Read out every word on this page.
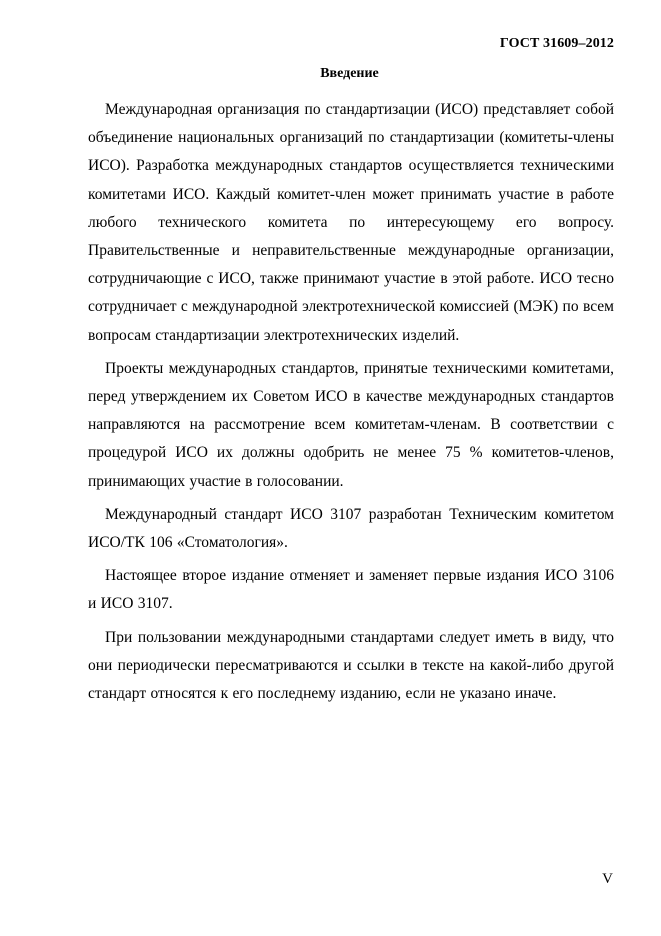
ГОСТ 31609–2012
Введение

Международная организация по стандартизации (ИСО) представляет собой объединение национальных организаций по стандартизации (комитеты-члены ИСО). Разработка международных стандартов осуществляется техническими комитетами ИСО. Каждый комитет-член может принимать участие в работе любого технического комитета по интересующему его вопросу. Правительственные и неправительственные международные организации, сотрудничающие с ИСО, также принимают участие в этой работе. ИСО тесно сотрудничает с международной электротехнической комиссией (МЭК) по всем вопросам стандартизации электротехнических изделий.

Проекты международных стандартов, принятые техническими комитетами, перед утверждением их Советом ИСО в качестве международных стандартов направляются на рассмотрение всем комитетам-членам. В соответствии с процедурой ИСО их должны одобрить не менее 75 % комитетов-членов, принимающих участие в голосовании.

Международный стандарт ИСО 3107 разработан Техническим комитетом ИСО/ТК 106 «Стоматология».

Настоящее второе издание отменяет и заменяет первые издания ИСО 3106 и ИСО 3107.

При пользовании международными стандартами следует иметь в виду, что они периодически пересматриваются и ссылки в тексте на какой-либо другой стандарт относятся к его последнему изданию, если не указано иначе.

V
